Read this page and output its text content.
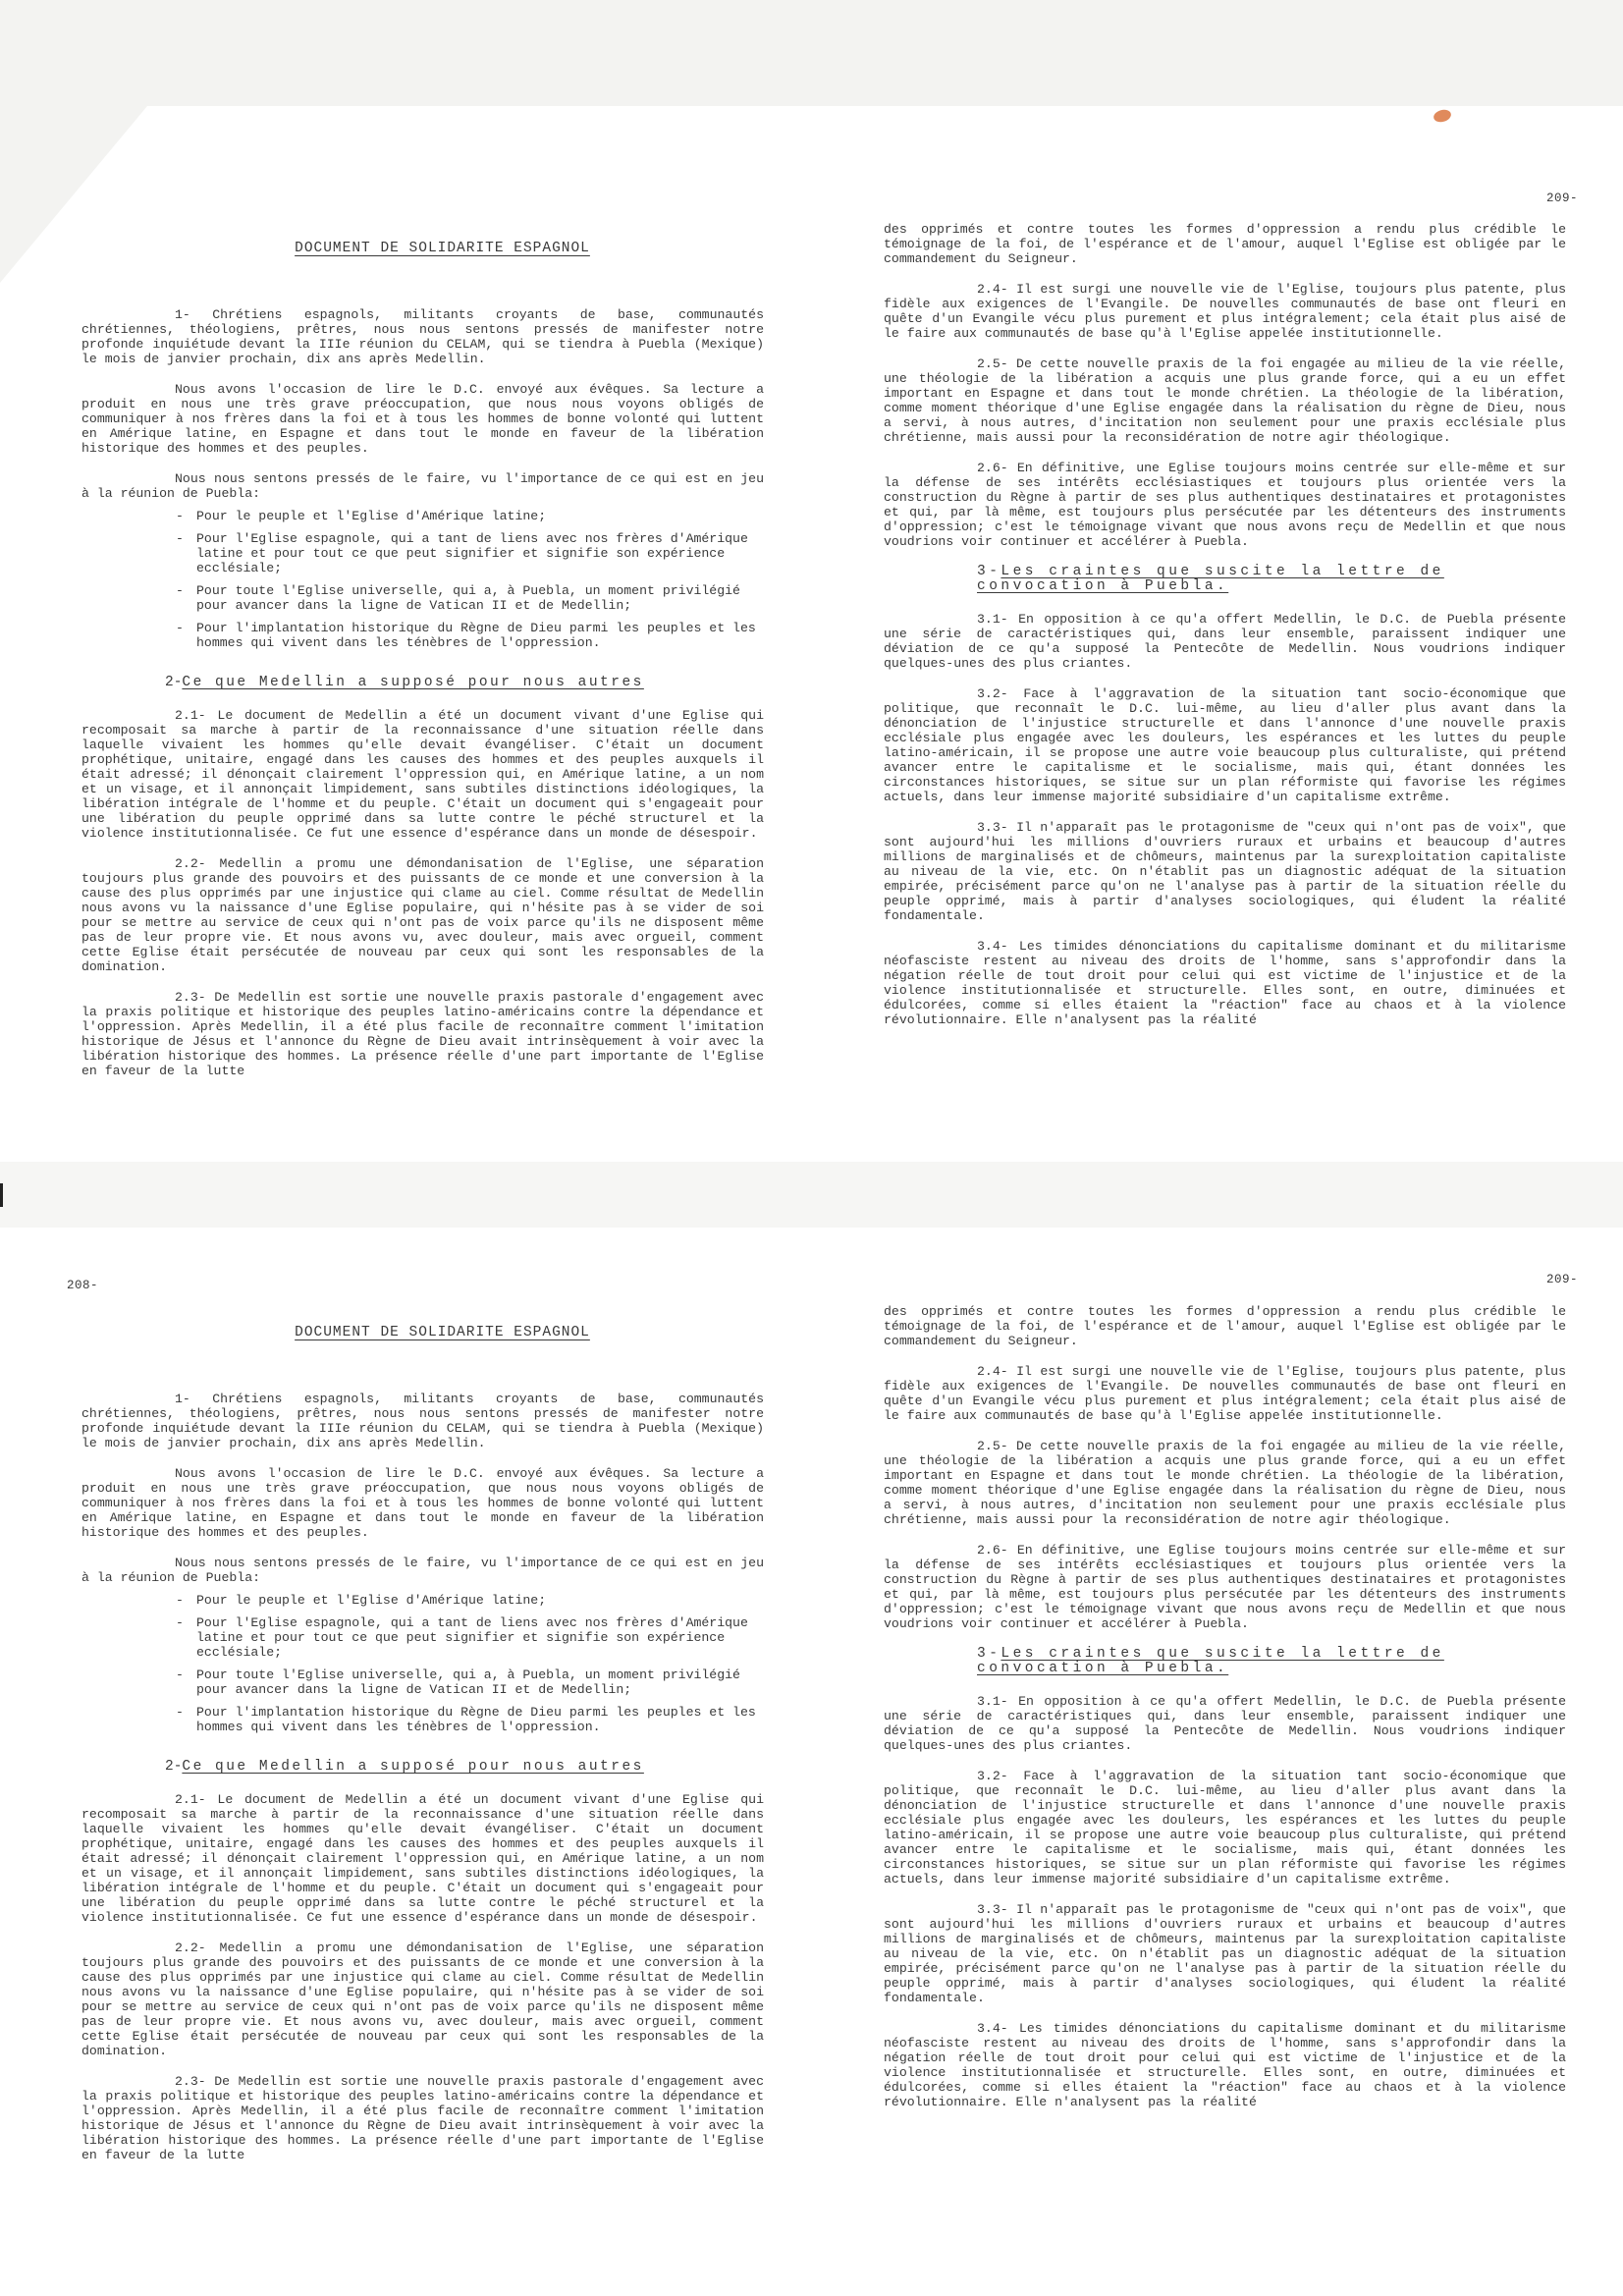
209-
DOCUMENT DE SOLIDARITE ESPAGNOL

1- Chrétiens espagnols, militants croyants de base, communautés chrétiennes, théologiens, prêtres, nous nous sentons pressés de manifester notre profonde inquiétude devant la IIIe réunion du CELAM, qui se tiendra à Puebla (Mexique) le mois de janvier prochain, dix ans après Medellin.

Nous avons l'occasion de lire le D.C. envoyé aux évêques. Sa lecture a produit en nous une très grave préoccupation, que nous nous voyons obligés de communiquer à nos frères dans la foi et à tous les hommes de bonne volonté qui luttent en Amérique latine, en Espagne et dans tout le monde en faveur de la libération historique des hommes et des peuples.

Nous nous sentons pressés de le faire, vu l'importance de ce qui est en jeu à la réunion de Puebla:

- Pour le peuple et l'Eglise d'Amérique latine;
- Pour l'Eglise espagnole, qui a tant de liens avec nos frères d'Amérique latine et pour tout ce que peut signifier et signifie son expérience ecclésiale;
- Pour toute l'Eglise universelle, qui a, à Puebla, un moment privilégié pour avancer dans la ligne de Vatican II et de Medellin;
- Pour l'implantation historique du Règne de Dieu parmi les peuples et les hommes qui vivent dans les ténèbres de l'oppression.
2-Ce que Medellin a supposé pour nous autres

2.1- Le document de Medellin a été un document vivant d'une Eglise qui recomposait sa marche à partir de la reconnaissance d'une situation réelle dans laquelle vivaient les hommes qu'elle devait évangéliser. C'était un document prophétique, unitaire, engagé dans les causes des hommes et des peuples auxquels il était adressé; il dénonçait clairement l'oppression qui, en Amérique latine, a un nom et un visage, et il annonçait limpidement, sans subtiles distinctions idéologiques, la libération intégrale de l'homme et du peuple. C'était un document qui s'engageait pour une libération du peuple opprimé dans sa lutte contre le péché structurel et la violence institutionnalisée. Ce fut une essence d'espérance dans un monde de désespoir.

2.2- Medellin a promu une démondanisation de l'Eglise, une séparation toujours plus grande des pouvoirs et des puissants de ce monde et une conversion à la cause des plus opprimés par une injustice qui clame au ciel. Comme résultat de Medellin nous avons vu la naissance d'une Eglise populaire, qui n'hésite pas à se vider de soi pour se mettre au service de ceux qui n'ont pas de voix parce qu'ils ne disposent même pas de leur propre vie. Et nous avons vu, avec douleur, mais avec orgueil, comment cette Eglise était persécutée de nouveau par ceux qui sont les responsables de la domination.

2.3- De Medellin est sortie une nouvelle praxis pastorale d'engagement avec la praxis politique et historique des peuples latino-américains contre la dépendance et l'oppression. Après Medellin, il a été plus facile de reconnaître comment l'imitation historique de Jésus et l'annonce du Règne de Dieu avait intrinsèquement à voir avec la libération historique des hommes. La présence réelle d'une part importante de l'Eglise en faveur de la lutte

des opprimés et contre toutes les formes d'oppression a rendu plus crédible le témoignage de la foi, de l'espérance et de l'amour, auquel l'Eglise est obligée par le commandement du Seigneur.

2.4- Il est surgi une nouvelle vie de l'Eglise, toujours plus patente, plus fidèle aux exigences de l'Evangile. De nouvelles communautés de base ont fleuri en quête d'un Evangile vécu plus purement et plus intégralement; cela était plus aisé de le faire aux communautés de base qu'à l'Eglise appelée institutionnelle.

2.5- De cette nouvelle praxis de la foi engagée au milieu de la vie réelle, une théologie de la libération a acquis une plus grande force, qui a eu un effet important en Espagne et dans tout le monde chrétien. La théologie de la libération, comme moment théorique d'une Eglise engagée dans la réalisation du règne de Dieu, nous a servi, à nous autres, d'incitation non seulement pour une praxis ecclésiale plus chrétienne, mais aussi pour la reconsidération de notre agir théologique.

2.6- En définitive, une Eglise toujours moins centrée sur elle-même et sur la défense de ses intérêts ecclésiastiques et toujours plus orientée vers la construction du Règne à partir de ses plus authentiques destinataires et protagonistes et qui, par là même, est toujours plus persécutée par les détenteurs des instruments d'oppression; c'est le témoignage vivant que nous avons reçu de Medellin et que nous voudrions voir continuer et accélérer à Puebla.

3-Les craintes que suscite la lettre de convocation à Puebla.

3.1- En opposition à ce qu'a offert Medellin, le D.C. de Puebla présente une série de caractéristiques qui, dans leur ensemble, paraissent indiquer une déviation de ce qu'a supposé la Pentecôte de Medellin. Nous voudrions indiquer quelques-unes des plus criantes.

3.2- Face à l'aggravation de la situation tant socio-économique que politique, que reconnaît le D.C. lui-même, au lieu d'aller plus avant dans la dénonciation de l'injustice structurelle et dans l'annonce d'une nouvelle praxis ecclésiale plus engagée avec les douleurs, les espérances et les luttes du peuple latino-américain, il se propose une autre voie beaucoup plus culturaliste, qui prétend avancer entre le capitalisme et le socialisme, mais qui, étant données les circonstances historiques, se situe sur un plan réformiste qui favorise les régimes actuels, dans leur immense majorité subsidiaire d'un capitalisme extrême.

3.3- Il n'apparaît pas le protagonisme de "ceux qui n'ont pas de voix", que sont aujourd'hui les millions d'ouvriers ruraux et urbains et beaucoup d'autres millions de marginalisés et de chômeurs, maintenus par la surexploitation capitaliste au niveau de la vie, etc. On n'établit pas un diagnostic adéquat de la situation empirée, précisément parce qu'on ne l'analyse pas à partir de la situation réelle du peuple opprimé, mais à partir d'analyses sociologiques, qui éludent la réalité fondamentale.

3.4- Les timides dénonciations du capitalisme dominant et du militarisme néofasciste restent au niveau des droits de l'homme, sans s'approfondir dans la négation réelle de tout droit pour celui qui est victime de l'injustice et de la violence institutionnalisée et structurelle. Elles sont, en outre, diminuées et édulcorées, comme si elles étaient la "réaction" face au chaos et à la violence révolutionnaire. Elle n'analysent pas la réalité

208-	209-
DOCUMENT DE SOLIDARITE ESPAGNOL

1- Chrétiens espagnols, militants croyants de base, communautés chrétiennes, théologiens, prêtres, nous nous sentons pressés de manifester notre profonde inquiétude devant la IIIe réunion du CELAM, qui se tiendra à Puebla (Mexique) le mois de janvier prochain, dix ans après Medellin.

Nous avons l'occasion de lire le D.C. envoyé aux évêques. Sa lecture a produit en nous une très grave préoccupation, que nous nous voyons obligés de communiquer à nos frères dans la foi et à tous les hommes de bonne volonté qui luttent en Amérique latine, en Espagne et dans tout le monde en faveur de la libération historique des hommes et des peuples.

Nous nous sentons pressés de le faire, vu l'importance de ce qui est en jeu à la réunion de Puebla:

- Pour le peuple et l'Eglise d'Amérique latine;
- Pour l'Eglise espagnole, qui a tant de liens avec nos frères d'Amérique latine et pour tout ce que peut signifier et signifie son expérience ecclésiale;
- Pour toute l'Eglise universelle, qui a, à Puebla, un moment privilégié pour avancer dans la ligne de Vatican II et de Medellin;
- Pour l'implantation historique du Règne de Dieu parmi les peuples et les hommes qui vivent dans les ténèbres de l'oppression.
2-Ce que Medellin a supposé pour nous autres

2.1- Le document de Medellin a été un document vivant d'une Eglise qui recomposait sa marche à partir de la reconnaissance d'une situation réelle dans laquelle vivaient les hommes qu'elle devait évangéliser. C'était un document prophétique, unitaire, engagé dans les causes des hommes et des peuples auxquels il était adressé; il dénonçait clairement l'oppression qui, en Amérique latine, a un nom et un visage, et il annonçait limpidement, sans subtiles distinctions idéologiques, la libération intégrale de l'homme et du peuple. C'était un document qui s'engageait pour une libération du peuple opprimé dans sa lutte contre le péché structurel et la violence institutionnalisée. Ce fut une essence d'espérance dans un monde de désespoir.

2.2- Medellin a promu une démondanisation de l'Eglise, une séparation toujours plus grande des pouvoirs et des puissants de ce monde et une conversion à la cause des plus opprimés par une injustice qui clame au ciel. Comme résultat de Medellin nous avons vu la naissance d'une Eglise populaire, qui n'hésite pas à se vider de soi pour se mettre au service de ceux qui n'ont pas de voix parce qu'ils ne disposent même pas de leur propre vie. Et nous avons vu, avec douleur, mais avec orgueil, comment cette Eglise était persécutée de nouveau par ceux qui sont les responsables de la domination.

2.3- De Medellin est sortie une nouvelle praxis pastorale d'engagement avec la praxis politique et historique des peuples latino-américains contre la dépendance et l'oppression. Après Medellin, il a été plus facile de reconnaître comment l'imitation historique de Jésus et l'annonce du Règne de Dieu avait intrinsèquement à voir avec la libération historique des hommes. La présence réelle d'une part importante de l'Eglise en faveur de la lutte

des opprimés et contre toutes les formes d'oppression a rendu plus crédible le témoignage de la foi, de l'espérance et de l'amour, auquel l'Eglise est obligée par le commandement du Seigneur.

2.4- Il est surgi une nouvelle vie de l'Eglise, toujours plus patente, plus fidèle aux exigences de l'Evangile. De nouvelles communautés de base ont fleuri en quête d'un Evangile vécu plus purement et plus intégralement; cela était plus aisé de le faire aux communautés de base qu'à l'Eglise appelée institutionnelle.

2.5- De cette nouvelle praxis de la foi engagée au milieu de la vie réelle, une théologie de la libération a acquis une plus grande force, qui a eu un effet important en Espagne et dans tout le monde chrétien. La théologie de la libération, comme moment théorique d'une Eglise engagée dans la réalisation du règne de Dieu, nous a servi, à nous autres, d'incitation non seulement pour une praxis ecclésiale plus chrétienne, mais aussi pour la reconsidération de notre agir théologique.

2.6- En définitive, une Eglise toujours moins centrée sur elle-même et sur la défense de ses intérêts ecclésiastiques et toujours plus orientée vers la construction du Règne à partir de ses plus authentiques destinataires et protagonistes et qui, par là même, est toujours plus persécutée par les détenteurs des instruments d'oppression; c'est le témoignage vivant que nous avons reçu de Medellin et que nous voudrions voir continuer et accélérer à Puebla.

3-Les craintes que suscite la lettre de convocation à Puebla.

3.1- En opposition à ce qu'a offert Medellin, le D.C. de Puebla présente une série de caractéristiques qui, dans leur ensemble, paraissent indiquer une déviation de ce qu'a supposé la Pentecôte de Medellin. Nous voudrions indiquer quelques-unes des plus criantes.

3.2- Face à l'aggravation de la situation tant socio-économique que politique, que reconnaît le D.C. lui-même, au lieu d'aller plus avant dans la dénonciation de l'injustice structurelle et dans l'annonce d'une nouvelle praxis ecclésiale plus engagée avec les douleurs, les espérances et les luttes du peuple latino-américain, il se propose une autre voie beaucoup plus culturaliste, qui prétend avancer entre le capitalisme et le socialisme, mais qui, étant données les circonstances historiques, se situe sur un plan réformiste qui favorise les régimes actuels, dans leur immense majorité subsidiaire d'un capitalisme extrême.

3.3- Il n'apparaît pas le protagonisme de "ceux qui n'ont pas de voix", que sont aujourd'hui les millions d'ouvriers ruraux et urbains et beaucoup d'autres millions de marginalisés et de chômeurs, maintenus par la surexploitation capitaliste au niveau de la vie, etc. On n'établit pas un diagnostic adéquat de la situation empirée, précisément parce qu'on ne l'analyse pas à partir de la situation réelle du peuple opprimé, mais à partir d'analyses sociologiques, qui éludent la réalité fondamentale.

3.4- Les timides dénonciations du capitalisme dominant et du militarisme néofasciste restent au niveau des droits de l'homme, sans s'approfondir dans la négation réelle de tout droit pour celui qui est victime de l'injustice et de la violence institutionnalisée et structurelle. Elles sont, en outre, diminuées et édulcorées, comme si elles étaient la "réaction" face au chaos et à la violence révolutionnaire. Elle n'analysent pas la réalité
